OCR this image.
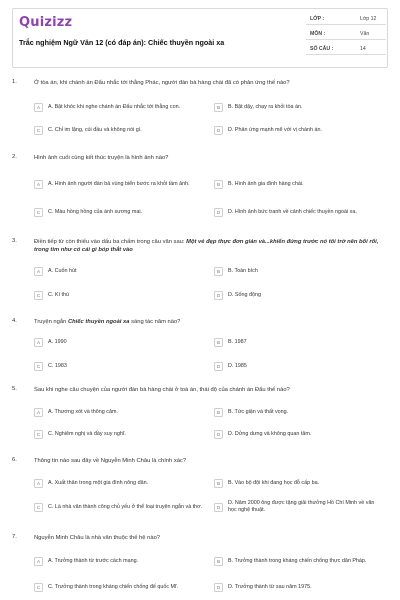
Quizizz
Trắc nghiệm Ngữ Văn 12 (có đáp án): Chiếc thuyền ngoài xa
LỚP :	Lớp 12
MÔN :	Văn
SỐ CÂU :	14
1.	Ở tòa án, khi chánh án Đẩu nhắc tới thằng Phác, người đàn bà hàng chài đã có phản ứng thế nào?
A	A. Bật khóc khi nghe chánh án Đẩu nhắc tới thằng con.	B	B. Bật dậy, chạy ra khỏi tòa án.
C	C. Chỉ im lặng, cúi đầu và không nói gì.	D	D. Phản ứng mạnh mẽ với vị chánh án.
2.	Hình ảnh cuối cùng kết thúc truyện là hình ảnh nào?
A	A. Hình ảnh người đàn bà vùng biển bước ra khỏi tầm ảnh.	B	B. Hình ảnh gia đình hàng chài.
C	C. Màu hồng hồng của ánh sương mai.	D	D. Hình ảnh bức tranh về cảnh chiếc thuyền ngoài xa.
3.	Điền tiếp từ còn thiếu vào dấu ba chấm trong câu văn sau: Một vẻ đẹp thực đơn giản và...khiến đứng trước nó tôi trở nên bối rối, trong tim như có cái gì bóp thắt vào
A	A. Cuốn hút	B	B. Toàn bích
C	C. Kì thú	D	D. Sống động
4.	Truyện ngắn Chiếc thuyền ngoài xa sáng tác năm nào?
A	A. 1990	B	B. 1987
C	C. 1983	D	D. 1985
5.	Sau khi nghe câu chuyện của người đàn bà hàng chài ở toà án, thái độ của chánh án Đẩu thế nào?
A	A. Thương xót và thông cảm.	B	B. Tức giận và thất vọng.
C	C. Nghiêm nghị và đầy suy nghĩ.	D	D. Dửng dưng và không quan tâm.
6.	Thông tin nào sau đây về Nguyễn Minh Châu là chính xác?
A	A. Xuất thân trong một gia đình nông dân.	B	B. Vào bộ đội khi đang học đỗ cấp ba.
C	C. Là nhà văn thành công chủ yếu ở thể loại truyện ngắn và thơ.	D
D. Năm 2000 ông được tặng giải thưởng Hồ Chí Minh về văn học nghệ thuật.
7.	Nguyễn Minh Châu là nhà văn thuộc thế hệ nào?
A	A. Trưởng thành từ trước cách mạng.	B	B. Trưởng thành trong kháng chiến chống thực dân Pháp.
C	C. Trưởng thành trong kháng chiến chống đế quốc Mĩ.	D	D. Trưởng thành từ sau năm 1975.
